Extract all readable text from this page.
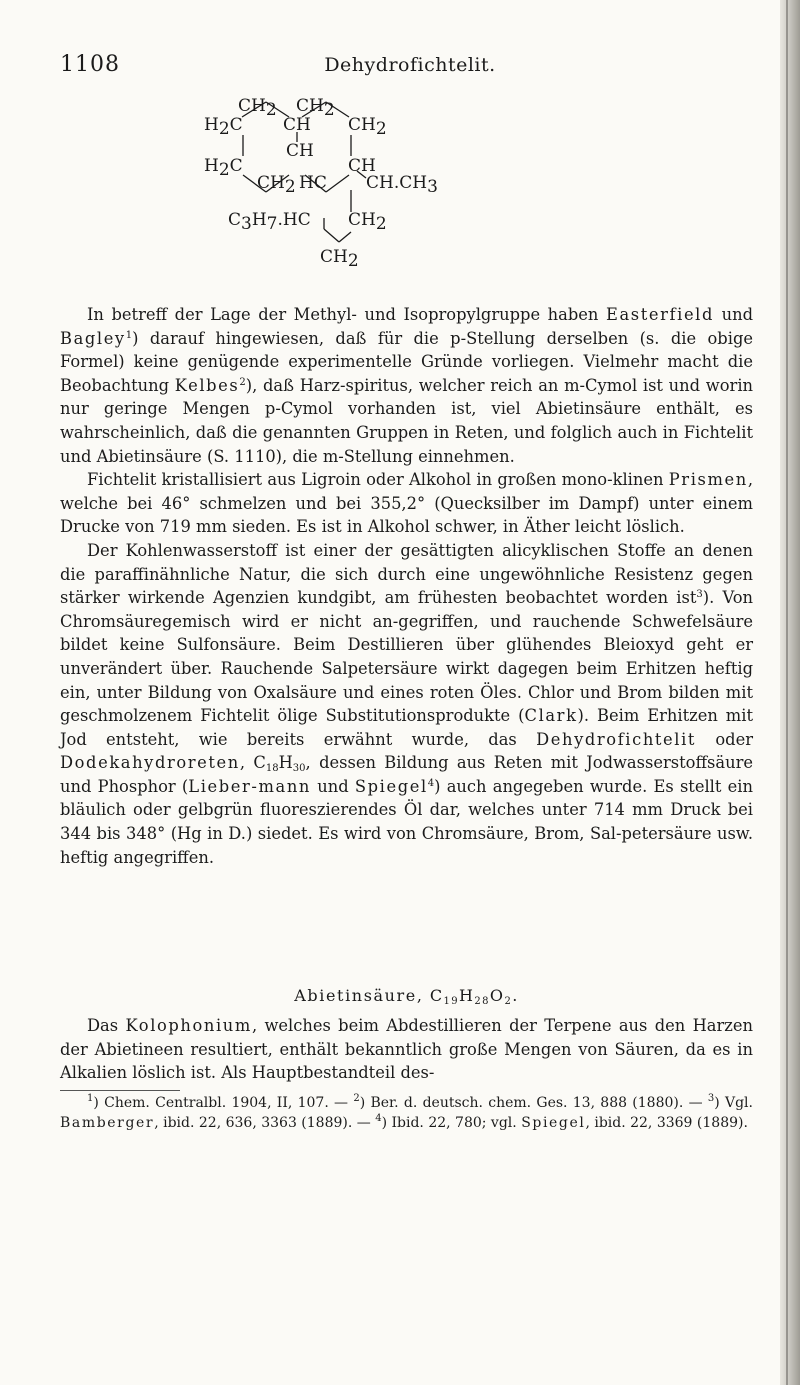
1108	Dehydrofichtelit.
CH2 CH2
H2C CH CH2
CH
H2C	CH
CH2 HC CH.CH3
C3H7.HC CH2
CH2

In betreff der Lage der Methyl- und Isopropylgruppe haben Easterfield und Bagley$^1$) darauf hingewiesen, daß für die p-Stellung derselben (s. die obige Formel) keine genügende experimentelle Gründe vorliegen. Vielmehr macht die Beobachtung Kelbes$^2$), daß Harz-spiritus, welcher reich an m-Cymol ist und worin nur geringe Mengen p-Cymol vorhanden ist, viel Abietinsäure enthält, es wahrscheinlich, daß die genannten Gruppen in Reten, und folglich auch in Fichtelit und Abietinsäure (S. 1110), die m-Stellung einnehmen.

Fichtelit kristallisiert aus Ligroin oder Alkohol in großen mono-klinen Prismen, welche bei 46° schmelzen und bei 355,2° (Quecksilber im Dampf) unter einem Drucke von 719 mm sieden. Es ist in Alkohol schwer, in Äther leicht löslich.

Der Kohlenwasserstoff ist einer der gesättigten alicyklischen Stoffe an denen die paraffinähnliche Natur, die sich durch eine ungewöhnliche Resistenz gegen stärker wirkende Agenzien kundgibt, am frühesten beobachtet worden ist$^3$). Von Chromsäuregemisch wird er nicht an-gegriffen, und rauchende Schwefelsäure bildet keine Sulfonsäure. Beim Destillieren über glühendes Bleioxyd geht er unverändert über. Rauchende Salpetersäure wirkt dagegen beim Erhitzen heftig ein, unter Bildung von Oxalsäure und eines roten Öles. Chlor und Brom bilden mit geschmolzenem Fichtelit ölige Substitutionsprodukte (Clark). Beim Erhitzen mit Jod entsteht, wie bereits erwähnt wurde, das Dehydrofichtelit oder Dodekahydroreten, $C_{18}H_{30}$, dessen Bildung aus Reten mit Jodwasserstoffsäure und Phosphor (Lieber-mann und Spiegel$^4$) auch angegeben wurde. Es stellt ein bläulich oder gelbgrün fluoreszierendes Öl dar, welches unter 714 mm Druck bei 344 bis 348° (Hg in D.) siedet. Es wird von Chromsäure, Brom, Sal-petersäure usw. heftig angegriffen.

Abietinsäure, $C_{19}H_{28}O_2$.

Das Kolophonium, welches beim Abdestillieren der Terpene aus den Harzen der Abietineen resultiert, enthält bekanntlich große Mengen von Säuren, da es in Alkalien löslich ist. Als Hauptbestandteil des-

$^1$) Chem. Centralbl. 1904, II, 107. — $^2$) Ber. d. deutsch. chem. Ges. 13, 888 (1880). — $^3$) Vgl. Bamberger, ibid. 22, 636, 3363 (1889). — $^4$) Ibid. 22, 780; vgl. Spiegel, ibid. 22, 3369 (1889).
